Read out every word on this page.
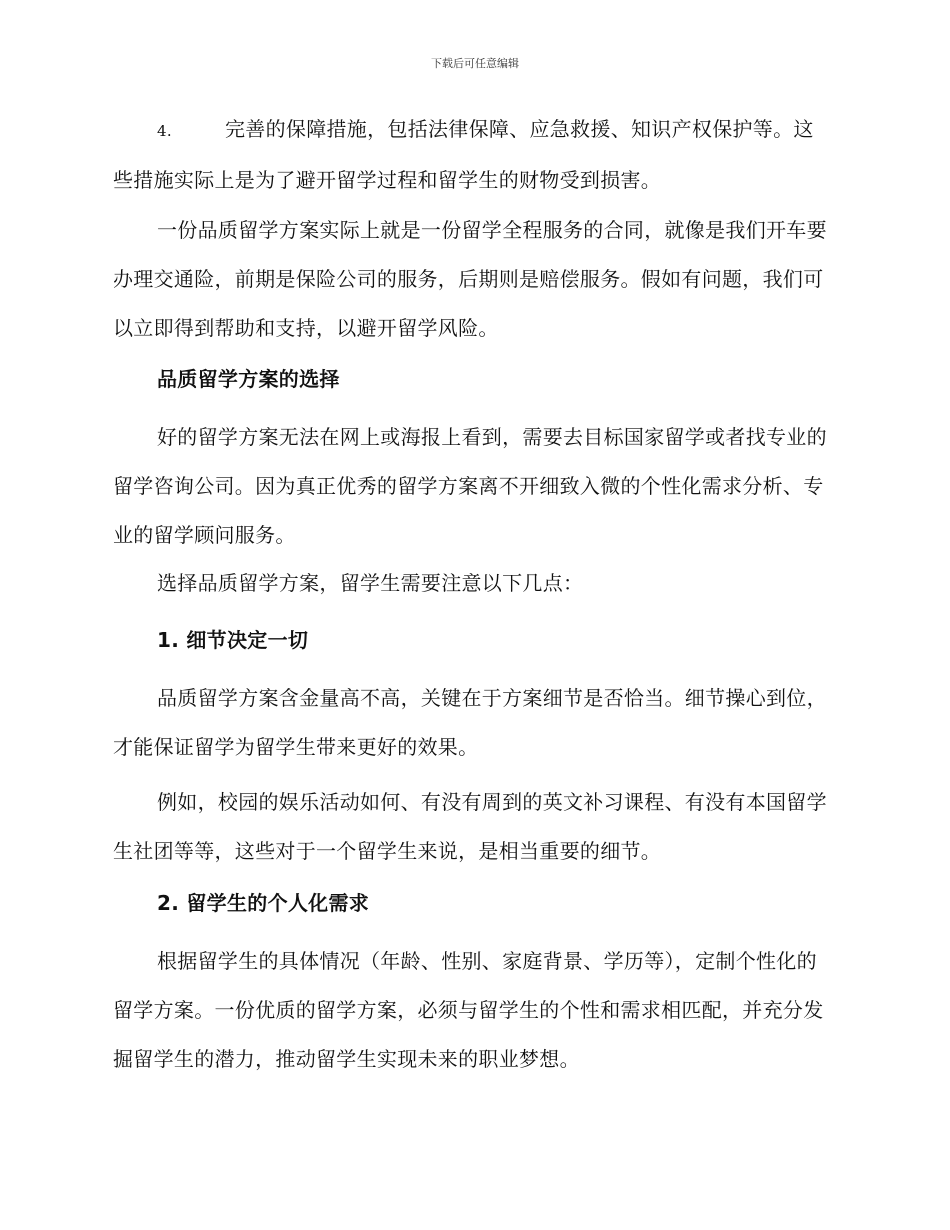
下载后可任意编辑

4.	完善的保障措施，包括法律保障、应急救援、知识产权保护等。这些措施实际上是为了避开留学过程和留学生的财物受到损害。

一份品质留学方案实际上就是一份留学全程服务的合同，就像是我们开车要办理交通险，前期是保险公司的服务，后期则是赔偿服务。假如有问题，我们可以立即得到帮助和支持，以避开留学风险。

品质留学方案的选择

好的留学方案无法在网上或海报上看到，需要去目标国家留学或者找专业的留学咨询公司。因为真正优秀的留学方案离不开细致入微的个性化需求分析、专业的留学顾问服务。

选择品质留学方案，留学生需要注意以下几点：

1. 细节决定一切

品质留学方案含金量高不高，关键在于方案细节是否恰当。细节操心到位，才能保证留学为留学生带来更好的效果。

例如，校园的娱乐活动如何、有没有周到的英文补习课程、有没有本国留学生社团等等，这些对于一个留学生来说，是相当重要的细节。

2. 留学生的个人化需求

根据留学生的具体情况（年龄、性别、家庭背景、学历等），定制个性化的留学方案。一份优质的留学方案，必须与留学生的个性和需求相匹配，并充分发掘留学生的潜力，推动留学生实现未来的职业梦想。
